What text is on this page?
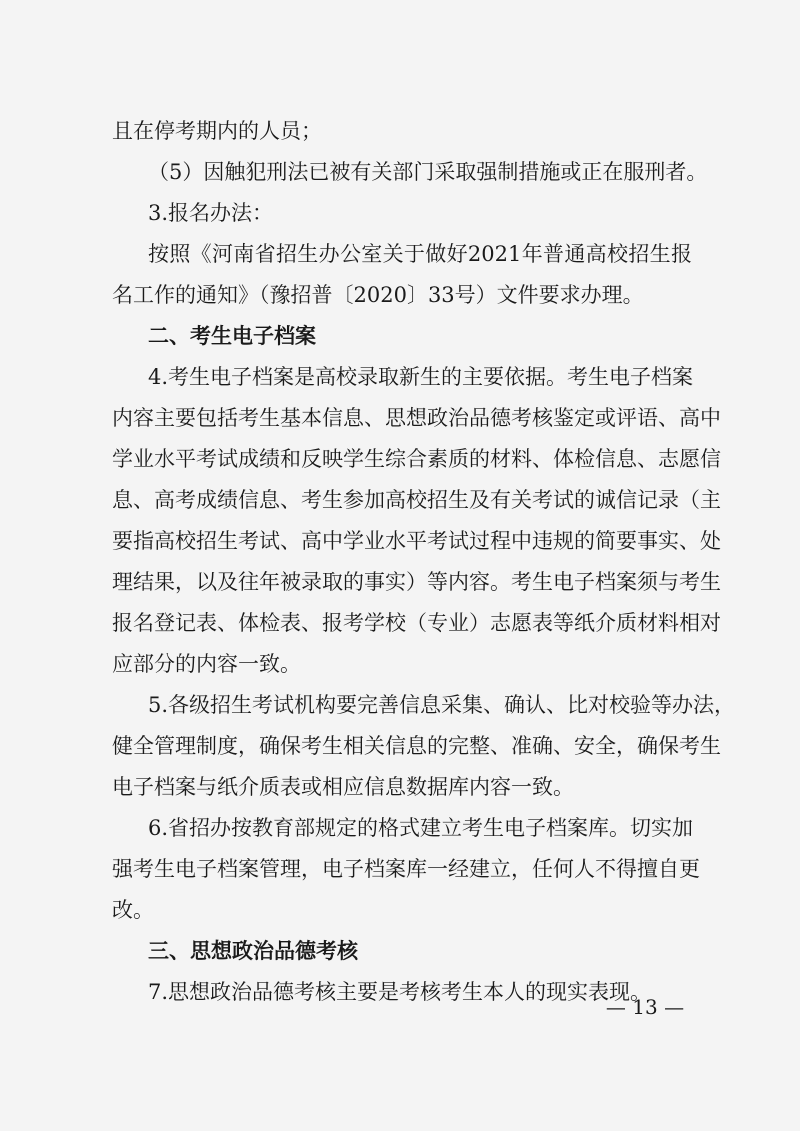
且在停考期内的人员；
（5）因触犯刑法已被有关部门采取强制措施或正在服刑者。
3.报名办法：
按照《河南省招生办公室关于做好2021年普通高校招生报
名工作的通知》（豫招普〔2020〕33号）文件要求办理。
二、考生电子档案
4.考生电子档案是高校录取新生的主要依据。考生电子档案
内容主要包括考生基本信息、思想政治品德考核鉴定或评语、高中
学业水平考试成绩和反映学生综合素质的材料、体检信息、志愿信
息、高考成绩信息、考生参加高校招生及有关考试的诚信记录（主
要指高校招生考试、高中学业水平考试过程中违规的简要事实、处
理结果，以及往年被录取的事实）等内容。考生电子档案须与考生
报名登记表、体检表、报考学校（专业）志愿表等纸介质材料相对
应部分的内容一致。
5.各级招生考试机构要完善信息采集、确认、比对校验等办法，
健全管理制度，确保考生相关信息的完整、准确、安全，确保考生
电子档案与纸介质表或相应信息数据库内容一致。
6.省招办按教育部规定的格式建立考生电子档案库。切实加
强考生电子档案管理，电子档案库一经建立，任何人不得擅自更
改。
三、思想政治品德考核
7.思想政治品德考核主要是考核考生本人的现实表现。
— 13 —
